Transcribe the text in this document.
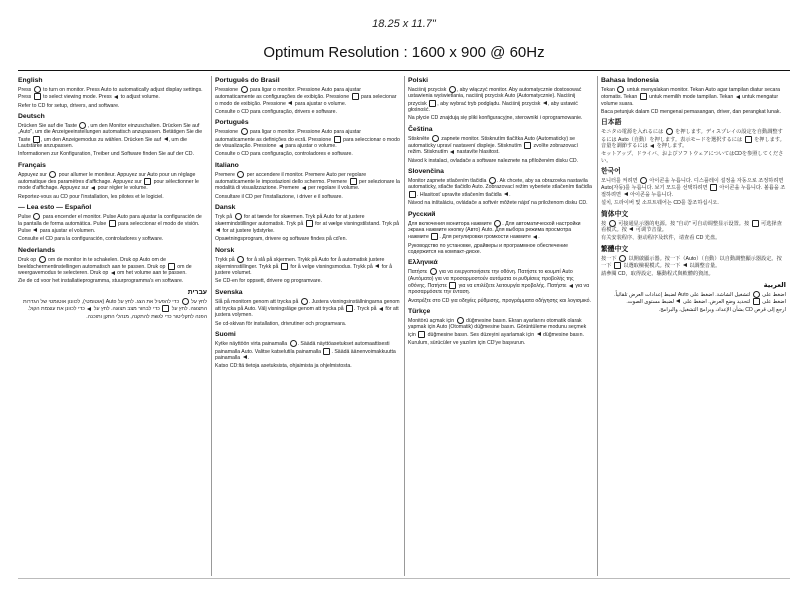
18.25 x 11.7"
Optimum Resolution : 1600 x 900 @ 60Hz
English
Press  to turn on monitor. Press Auto to automatically adjust display settings. Press  to select viewing mode. Press  to adjust volume.
Refer to CD for setup, drivers, and software.
Deutsch
Drücken Sie auf die Taste , um den Monitor einzuschalten. Drücken Sie auf „Auto", um die Anzeigeeinstellungen automatisch anzupassen. Betätigen Sie die Taste , um den Anzeigemodus zu wählen. Drücken Sie auf , um die Lautstärke anzupassen.
Informationen zur Konfiguration, Treiber und Software finden Sie auf der CD.
Français
Appuyez sur  pour allumer le moniteur. Appuyez sur Auto pour un réglage automatique des paramètres d'affichage. Appuyez sur  pour sélectionner le mode d'affichage. Appuyez sur  pour régler le volume.
Reportez-vous au CD pour l'installation, les pilotes et le logiciel.
— Lea esto — Español
Pulse  para encender el monitor. Pulse Auto para ajustar la configuración de la pantalla de forma automática. Pulse  para seleccionar el modo de visión. Pulse  para ajustar el volumen.
Consulte el CD para la configuración, controladores y software.
Nederlands
Druk op  om de monitor in te schakelen. Druk op Auto om de beeldschermentinstellingen automatisch aan te passen. Druk op  om de weergavemodus te selecteren. Druk op  om het volume aan te passen.
Zie de cd voor het installatieprogramma, stuurprogramma's en software.
עברית
לחץ על  כדי להפעיל את הצג. לחץ על Auto (אוטומטי), לכוונון אוטומטי של הגדרות התצוגה. לחץ על  כדי לבחור מצב תצוגה. לחץ על  כדי לכוונן את עוצמת הקול.
הפנה לתקליטור כדי לגשת להתקנה, מנהלי התקן ותוכנה.
Português do Brasil
Pressione  para ligar o monitor. Pressione Auto para ajustar automaticamente as configurações de exibição. Pressione  para selecionar o modo de exibição. Pressione  para ajustar o volume.
Consulte o CD para configuração, drivers e software.
Português
Pressione  para ligar o monitor. Pressione Auto para ajustar automaticamente as definições do ecrã. Pressione  para seleccionar o modo de visualização. Pressione  para ajustar o volume.
Consulte o CD para configuração, controladores e software.
Italiano
Premere  per accendere il monitor. Premere Auto per regolare automaticamente le impostazioni dello schermo. Premere  per selezionare la modalità di visualizzazione. Premere  per regolare il volume.
Consultare il CD per l'installazione, i driver e il software.
Dansk
Tryk på  for at tænde for skærmen. Tryk på Auto for at justere skærmindstillinger automatisk. Tryk på  for at vælge visningstilstand. Tryk på  for at justere lydstyrke.
Opsætningsprogram, drivere og software findes på cd'en.
Norsk
Trykk på  for å slå på skjermen. Trykk på Auto for å automatisk justere skjerminnstillinger. Trykk på  for å velge visningsmodus. Trykk på  for å justere volumet.
Se CD-en for oppsett, drivere og programvare.
Svenska
Slå på monitorn genom att trycka på . Justera visningsinställningarna genom att trycka på Auto. Välj visningsläge genom att trycka på . Tryck på  för att justera volymen.
Se cd-skivan för installation, drivrutiner och programvara.
Suomi
Kytke näyttöön virta painamalla . Säädä näyttöasetukset automaattisesti painamalla Auto. Valitse katselutila painamalla . Säädä äänenvoimakkuutta painamalla .
Katso CD:ltä tietoja asetuksista, ohjaimista ja ohjelmistosta.
Polski
Naciśnij przycisk , aby włączyć monitor. Aby automatycznie dostosować ustawienia wyświetlania, naciśnij przycisk Auto (Automatycznie). Naciśnij przycisk , aby wybrać tryb podglądu. Naciśnij przycisk , aby ustawić głośność.
Na płycie CD znajdują się pliki konfiguracyjne, sterowniki i oprogramowanie.
Čeština
Stiskněte  zapnete monitor. Stisknutím tlačítka Auto (Automaticky) se automaticky upraví nastavení displeje. Stisknutím  zvolíte zobrazovací režim. Stisknutím  nastavíte hlasitost.
Návod k instalaci, ovladače a software naleznete na přiloženém disku CD.
Slovenčina
Monitor zapnete stlačením tlačidla . Ak chcete, aby sa obrazovka nastavila automaticky, stlačte tlačidlo Auto. Zobrazovací režim vyberiete stlačením tlačidla . Hlasitosť upravíte stlačením tlačidla .
Návod na inštaláciu, ovládače a softvér môžete nájsť na priloženom disku CD.
Русский
Для включения монитора нажмите . Для автоматической настройки экрана нажмите кнопку (Авто) Auto. Для выбора режима просмотра нажмите . Для регулировки громкости нажмите .
Руководство по установке, драйверы и программное обеспечение содержится на компакт-диске.
Ελληνικά
Πατήστε  για να ενεργοποιήσετε την οθόνη. Πατήστε το κουμπί Auto (Αυτόματο) για να προσαρμοστούν αυτόματα οι ρυθμίσεις προβολής της οθόνης. Πατήστε  για να επιλέξετε λειτουργία προβολής. Πατήστε  για να προσαρμόσετε την ένταση.
Ανατρέξτε στο CD για οδηγίες ρύθμισης, προγράμματα οδήγησης και λογισμικό.
Türkçe
Monitörü açmak için  düğmesine basın. Ekran ayarlarını otomatik olarak yapmak için Auto (Otomatik) düğmesine basın. Görüntüleme modunu seçmek için  düğmesine basın. Ses düzeyini ayarlamak için  düğmesine basın.
Kurulum, sürücüler ve yazılım için CD'ye başvurun.
Bahasa Indonesia
Tekan  untuk menyalakan monitor. Tekan Auto agar tampilan diatur secara otomatis. Tekan  untuk memilih mode tampilan. Tekan  untuk mengatur volume suara.
Baca petunjuk dalam CD mengenai pemasangan, driver, dan perangkat lunak.
日本語
モニタの電源を入れるには  を押します。ディスプレイの設定を自動調整するには Auto（自動）を押します。表示モードを選択するには  を押します。音量を調節するには  を押します。
セットアップ、ドライバ、およびソフトウェアについてはCDを参照してください。
한국어
모니터를 켜려면  아이콘을 누릅니다. 디스플레이 설정을 자동으로 조정하려면 Auto(자동)를 누릅니다. 보기 모드를 선택하려면  아이콘을 누릅니다. 볼륨을 조절하려면  아이콘을 누릅니다.
설치, 드라이버 및 소프트웨어는 CD를 참조하십시오.
简体中文
按  可接通显示器的电源。按 "自动" 可自动调整显示设置。按  可选择查看模式。按  可调节音量。
有关安装程序、驱动程序及软件，请查看 CD 光盘。
繁體中文
按一下  以開啟顯示器。按一下（Auto）（自動）以自動調整顯示器設定。按一下  以選取檢視模式。按一下  以調整音量。
請參閱 CD，取得設定、驅動程式與軟體的資訊。
العربية
اضغط على  لتشغيل الشاشة. اضغط على Auto لضبط إعدادات العرض تلقائياً. اضغط على  لتحديد وضع العرض. اضغط على  لضبط مستوى الصوت.
ارجع إلى قرص CD بشأن الإعداد، وبرامج التشغيل، والبرامج.
